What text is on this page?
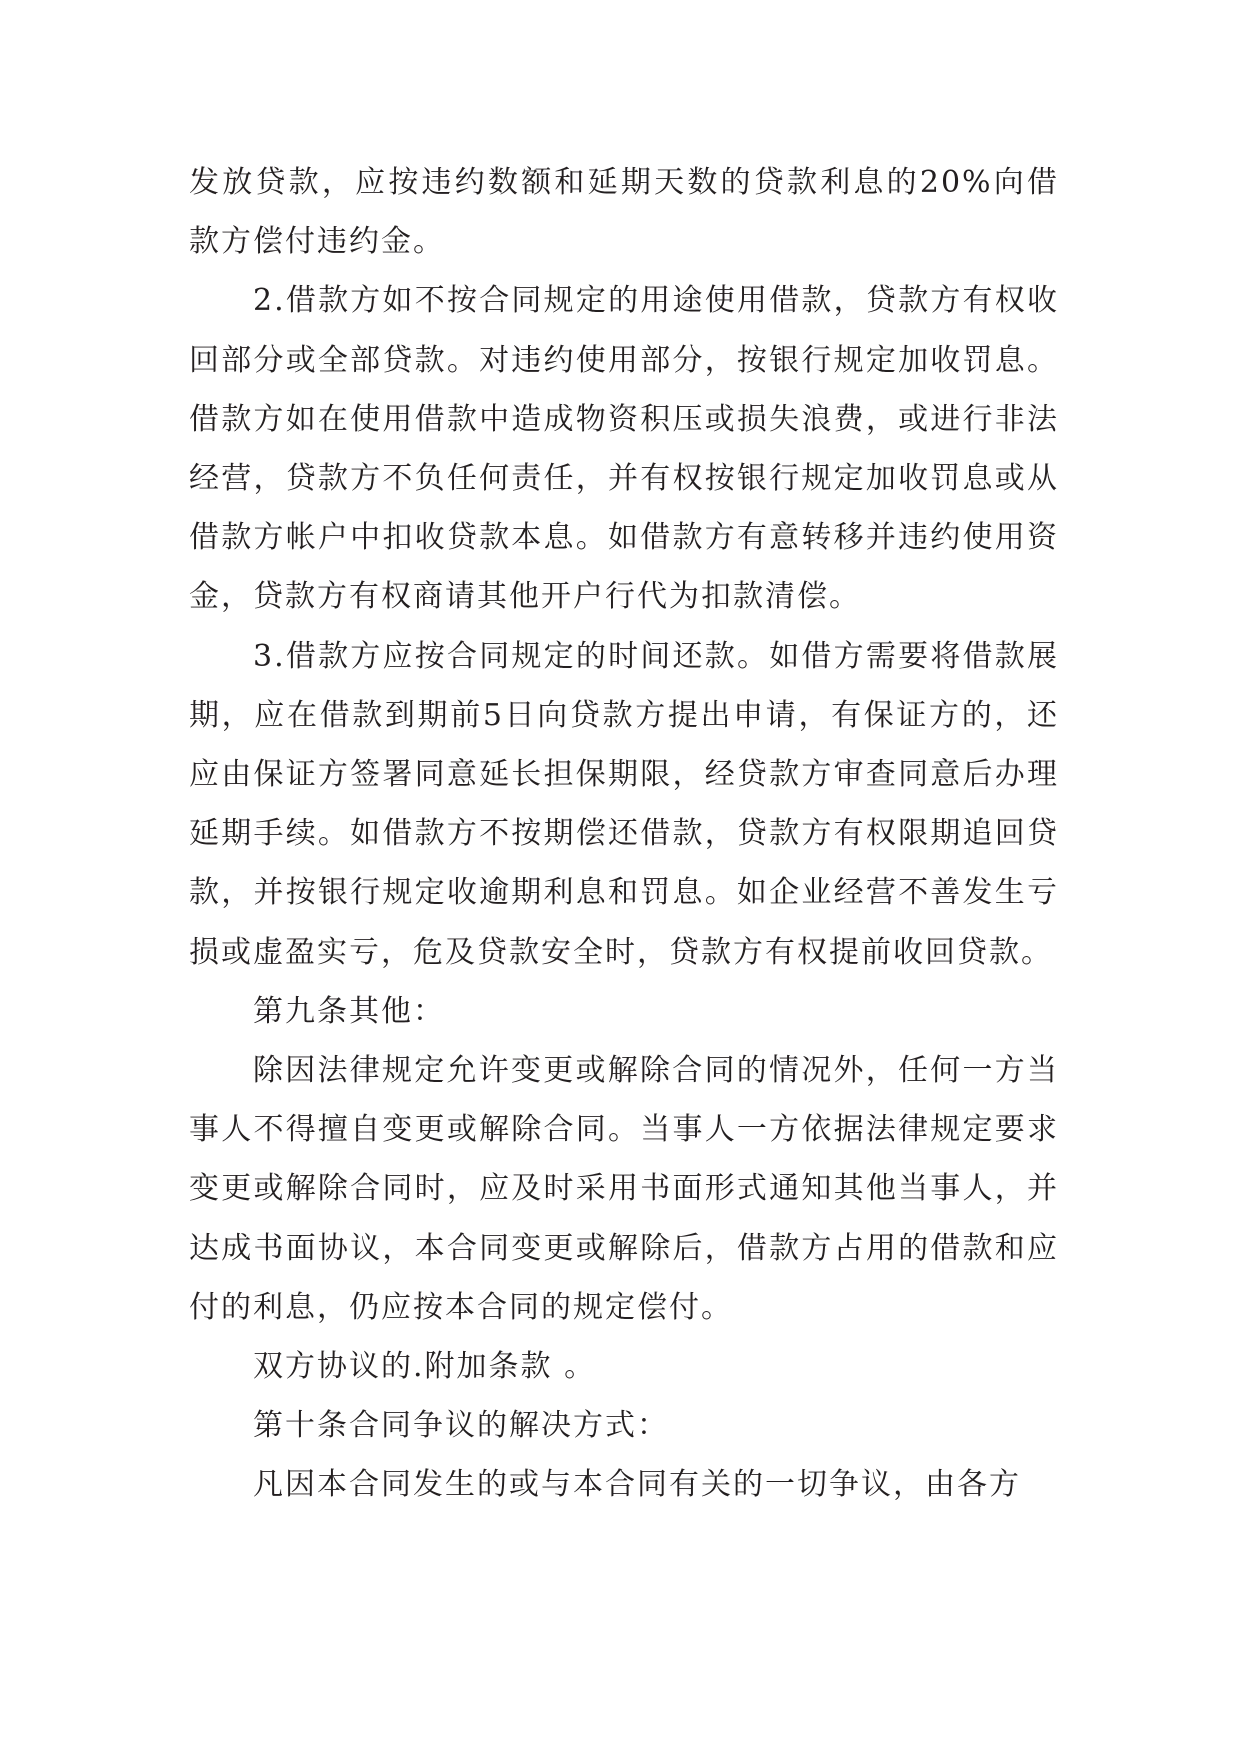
发放贷款，应按违约数额和延期天数的贷款利息的20%向借款方偿付违约金。

2.借款方如不按合同规定的用途使用借款，贷款方有权收回部分或全部贷款。对违约使用部分，按银行规定加收罚息。借款方如在使用借款中造成物资积压或损失浪费，或进行非法经营，贷款方不负任何责任，并有权按银行规定加收罚息或从借款方帐户中扣收贷款本息。如借款方有意转移并违约使用资金，贷款方有权商请其他开户行代为扣款清偿。

3.借款方应按合同规定的时间还款。如借方需要将借款展期，应在借款到期前5日向贷款方提出申请，有保证方的，还应由保证方签署同意延长担保期限，经贷款方审查同意后办理延期手续。如借款方不按期偿还借款，贷款方有权限期追回贷款，并按银行规定收逾期利息和罚息。如企业经营不善发生亏损或虚盈实亏，危及贷款安全时，贷款方有权提前收回贷款。

第九条其他：

除因法律规定允许变更或解除合同的情况外，任何一方当事人不得擅自变更或解除合同。当事人一方依据法律规定要求变更或解除合同时，应及时采用书面形式通知其他当事人，并达成书面协议，本合同变更或解除后，借款方占用的借款和应付的利息，仍应按本合同的规定偿付。

双方协议的.附加条款 。

第十条合同争议的解决方式：

凡因本合同发生的或与本合同有关的一切争议，由各方
